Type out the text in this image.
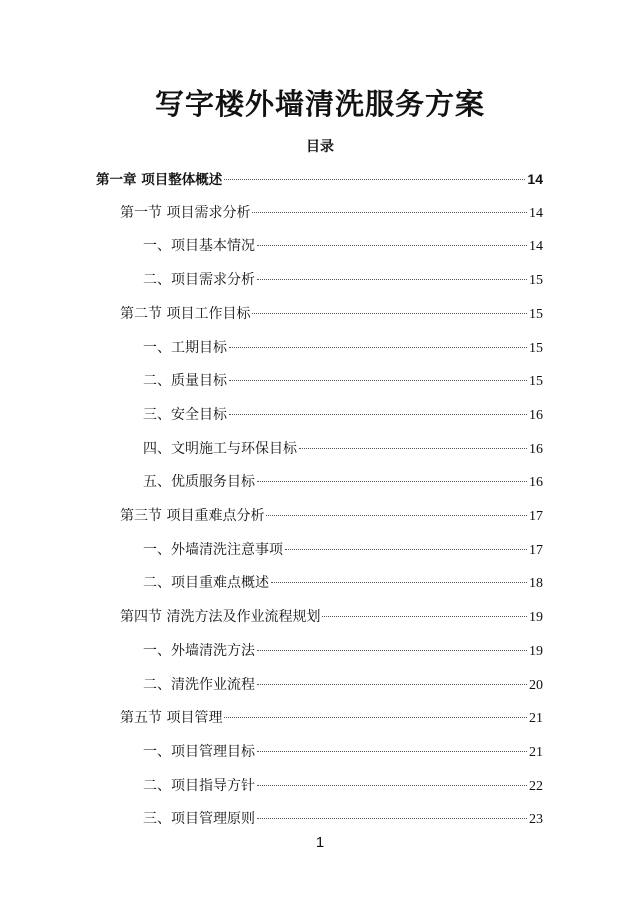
写字楼外墙清洗服务方案
目录
第一章 项目整体概述	14
第一节 项目需求分析	14
一、项目基本情况	14
二、项目需求分析	15
第二节 项目工作目标	15
一、工期目标	15
二、质量目标	15
三、安全目标	16
四、文明施工与环保目标	16
五、优质服务目标	16
第三节 项目重难点分析	17
一、外墙清洗注意事项	17
二、项目重难点概述	18
第四节 清洗方法及作业流程规划	19
一、外墙清洗方法	19
二、清洗作业流程	20
第五节 项目管理	21
一、项目管理目标	21
二、项目指导方针	22
三、项目管理原则	23
1
